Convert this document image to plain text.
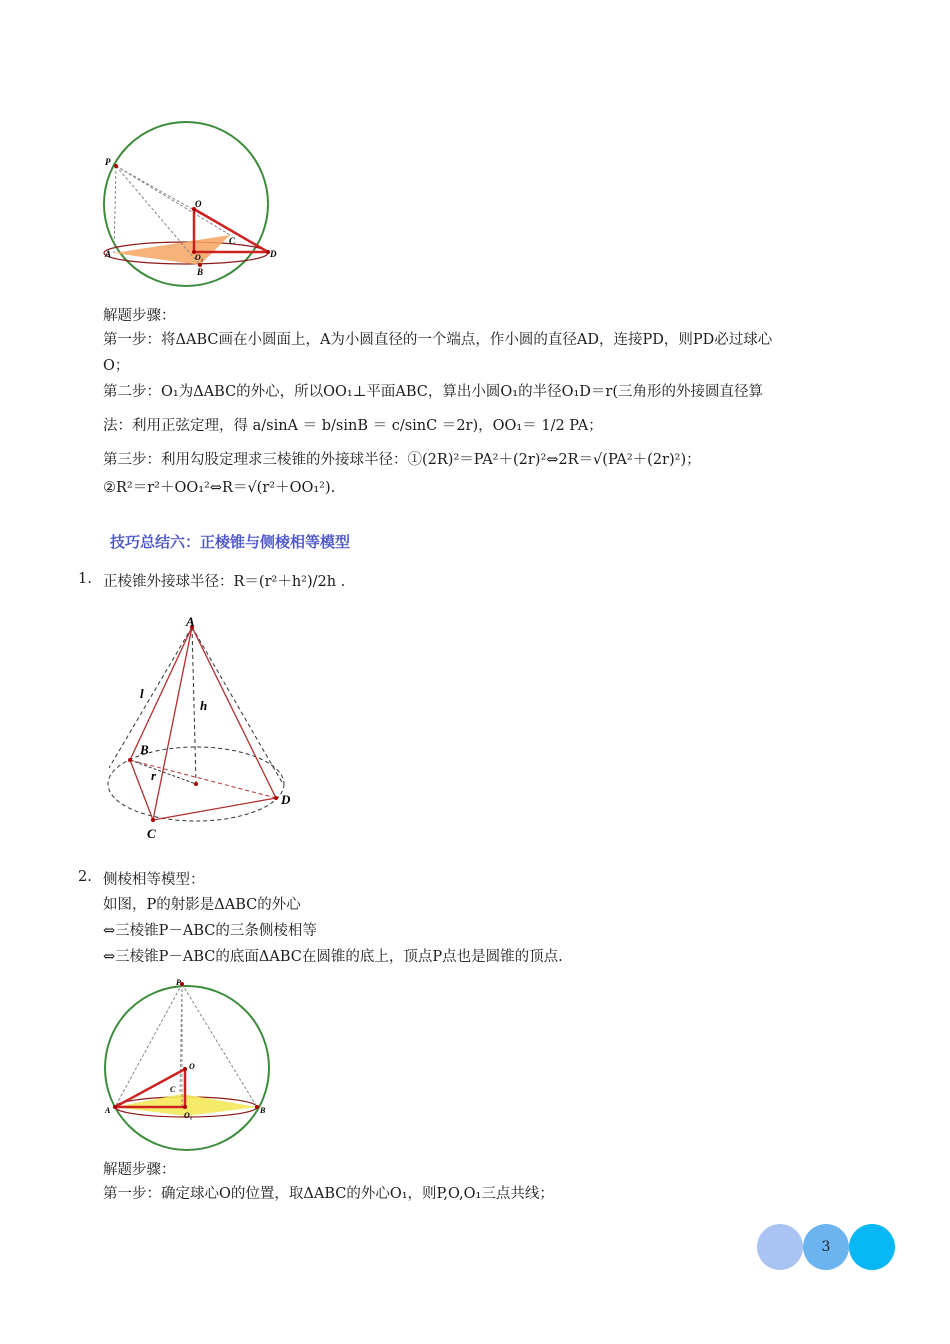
P
O
C
A	D
O₁
B
解题步骤：
第一步：将ΔABC画在小圆面上，A为小圆直径的一个端点，作小圆的直径AD，连接PD，则PD必过球心
O；
第二步：O₁为ΔABC的外心，所以OO₁⊥平面ABC，算出小圆O₁的半径O₁D＝r(三角形的外接圆直径算
法：利用正弦定理，得 a/sinA ＝ b/sinB ＝ c/sinC ＝2r)，OO₁＝ 1/2 PA；
第三步：利用勾股定理求三棱锥的外接球半径：①(2R)²＝PA²＋(2r)²⇔2R＝√(PA²＋(2r)²)；
②R²＝r²＋OO₁²⇔R＝√(r²＋OO₁²).
技巧总结六：正棱锥与侧棱相等模型
1. 正棱锥外接球半径：R＝(r²＋h²)/2h .
A
l
h
B
r
C
D
2. 侧棱相等模型：
如图，P的射影是ΔABC的外心
⇔三棱锥P－ABC的三条侧棱相等
⇔三棱锥P－ABC的底面ΔABC在圆锥的底上，顶点P点也是圆锥的顶点.
P
O
C
A
O₁
B
解题步骤：
第一步：确定球心O的位置，取ΔABC的外心O₁，则P,O,O₁三点共线；
3
